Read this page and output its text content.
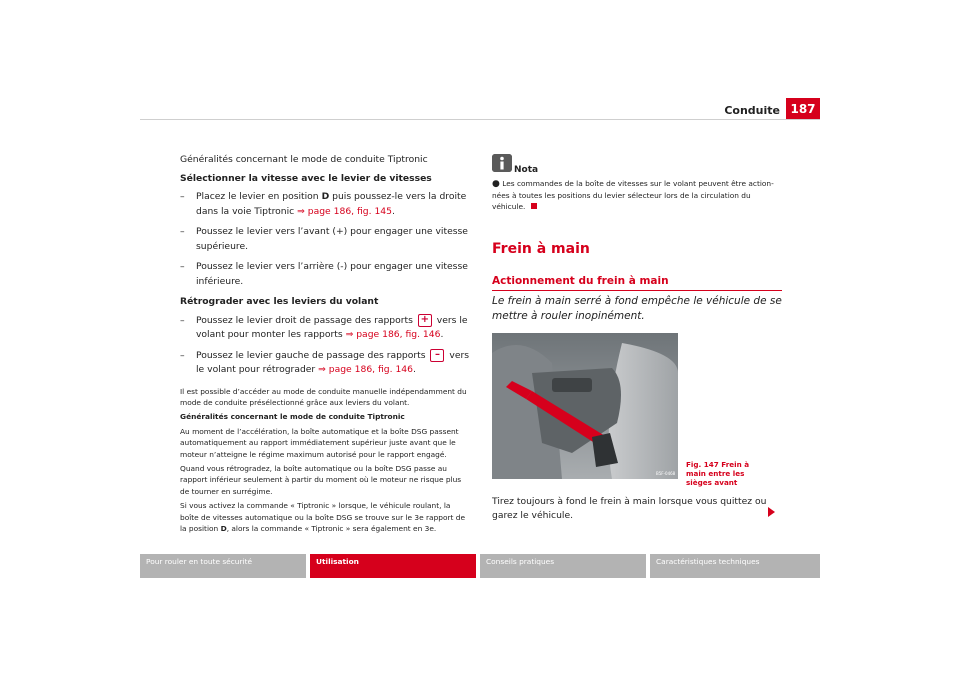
Conduite 187

Généralités concernant le mode de conduite Tiptronic

Sélectionner la vitesse avec le levier de vitesses

– Placez le levier en position D puis poussez-le vers la droite dans la voie Tiptronic ⇒ page 186, fig. 145.

– Poussez le levier vers l’avant (+) pour engager une vitesse supérieure.

– Poussez le levier vers l’arrière (-) pour engager une vitesse inférieure.

Rétrograder avec les leviers du volant

– Poussez le levier droit de passage des rapports + vers le volant pour monter les rapports ⇒ page 186, fig. 146.

– Poussez le levier gauche de passage des rapports – vers le volant pour rétrograder ⇒ page 186, fig. 146.

Il est possible d’accéder au mode de conduite manuelle indépendamment du mode de conduite présélectionné grâce aux leviers du volant.

Généralités concernant le mode de conduite Tiptronic

Au moment de l’accélération, la boîte automatique et la boîte DSG passent automatiquement au rapport immédiatement supérieur juste avant que le moteur n’atteigne le régime maximum autorisé pour le rapport engagé.

Quand vous rétrogradez, la boîte automatique ou la boîte DSG passe au rapport inférieur seulement à partir du moment où le moteur ne risque plus de tourner en surrégime.

Si vous activez la commande « Tiptronic » lorsque, le véhicule roulant, la boîte de vitesses automatique ou la boîte DSG se trouve sur le 3e rapport de la position D, alors la commande « Tiptronic » sera également en 3e.

Nota
● Les commandes de la boîte de vitesses sur le volant peuvent être actionnées à toutes les positions du levier sélecteur lors de la circulation du véhicule.
Frein à main
Actionnement du frein à main
Le frein à main serré à fond empêche le véhicule de se mettre à rouler inopinément.
B5F-0468
Fig. 147 Frein à main entre les sièges avant
Tirez toujours à fond le frein à main lorsque vous quittez ou garez le véhicule.
Pour rouler en toute sécurité	Utilisation	Conseils pratiques	Caractéristiques techniques
